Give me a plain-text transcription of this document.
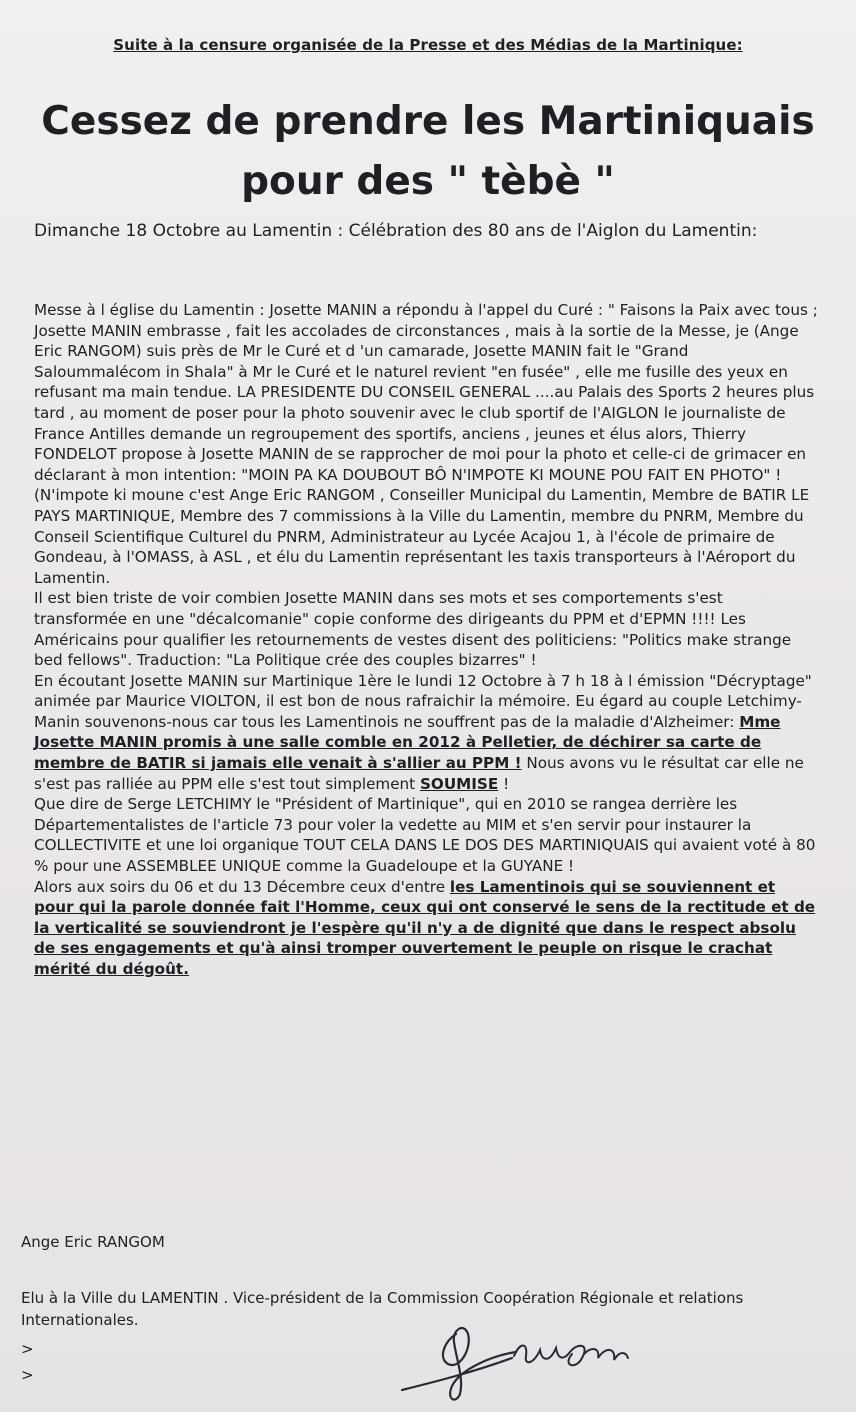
Suite à la censure organisée de la Presse et des Médias de la Martinique:
Cessez de prendre les Martiniquais
pour des " tèbè "
Dimanche 18 Octobre au Lamentin : Célébration des 80 ans de l'Aiglon du Lamentin:

Messe à l église du Lamentin : Josette MANIN a répondu à l'appel du Curé : " Faisons la Paix avec tous ;

Josette MANIN embrasse , fait les accolades de circonstances , mais à la sortie de la Messe, je (Ange Eric RANGOM) suis près de Mr le Curé et d 'un camarade, Josette MANIN fait le "Grand Saloummalécom in Shala" à Mr le Curé et le naturel revient "en fusée" , elle me fusille des yeux en refusant ma main tendue. LA PRESIDENTE DU CONSEIL GENERAL ....au Palais des Sports 2 heures plus tard , au moment de poser pour la photo souvenir avec le club sportif de l'AIGLON le journaliste de France Antilles demande un regroupement des sportifs, anciens , jeunes et élus alors, Thierry FONDELOT propose à Josette MANIN de se rapprocher de moi pour la photo et celle-ci de grimacer en déclarant à mon intention: "MOIN PA KA DOUBOUT BÔ N'IMPOTE KI MOUNE POU FAIT EN PHOTO" ! (N'impote ki moune c'est Ange Eric RANGOM , Conseiller Municipal du Lamentin, Membre de BATIR LE PAYS MARTINIQUE, Membre des 7 commissions à la Ville du Lamentin, membre du PNRM, Membre du Conseil Scientifique Culturel du PNRM, Administrateur au Lycée Acajou 1, à l'école de primaire de Gondeau, à l'OMASS, à ASL , et élu du Lamentin représentant les taxis transporteurs à l'Aéroport du Lamentin.

Il est bien triste de voir combien Josette MANIN dans ses mots et ses comportements s'est transformée en une "décalcomanie" copie conforme des dirigeants du PPM et d'EPMN !!!! Les Américains pour qualifier les retournements de vestes disent des politiciens: "Politics make strange bed fellows". Traduction: "La Politique crée des couples bizarres" !

En écoutant Josette MANIN sur Martinique 1ère le lundi 12 Octobre à 7 h 18 à l émission "Décryptage" animée par Maurice VIOLTON, il est bon de nous rafraichir la mémoire. Eu égard au couple Letchimy-Manin souvenons-nous car tous les Lamentinois ne souffrent pas de la maladie d'Alzheimer: Mme Josette MANIN promis à une salle comble en 2012 à Pelletier, de déchirer sa carte de membre de BATIR si jamais elle venait à s'allier au PPM ! Nous avons vu le résultat car elle ne s'est pas ralliée au PPM elle s'est tout simplement SOUMISE !

Que dire de Serge LETCHIMY le "Président of Martinique", qui en 2010 se rangea derrière les Départementalistes de l'article 73 pour voler la vedette au MIM et s'en servir pour instaurer la COLLECTIVITE et une loi organique TOUT CELA DANS LE DOS DES MARTINIQUAIS qui avaient voté à 80 % pour une ASSEMBLEE UNIQUE comme la Guadeloupe et la GUYANE !

Alors aux soirs du 06 et du 13 Décembre ceux d'entre les Lamentinois qui se souviennent et pour qui la parole donnée fait l'Homme, ceux qui ont conservé le sens de la rectitude et de la verticalité se souviendront je l'espère qu'il n'y a de dignité que dans le respect absolu de ses engagements et qu'à ainsi tromper ouvertement le peuple on risque le crachat mérité du dégoût.

Ange Eric RANGOM
Elu à la Ville du LAMENTIN . Vice-président de la Commission Coopération Régionale et relations Internationales.
>
>
